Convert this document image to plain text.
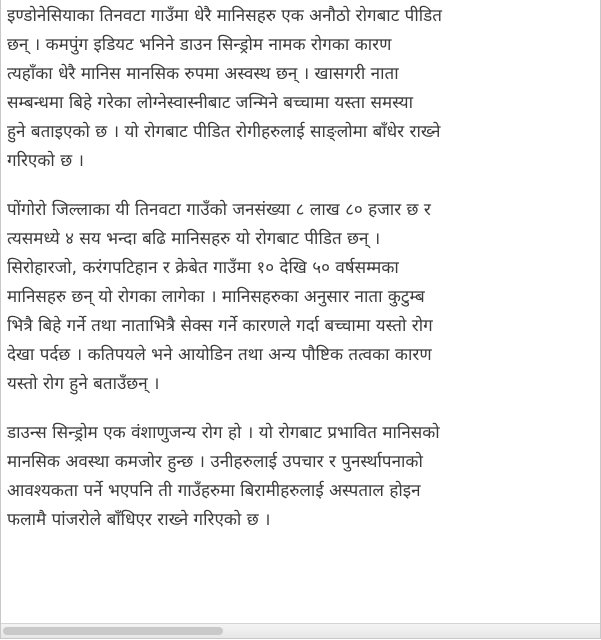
इण्डोनेसियाका तिनवटा गाउँमा धेरै मानिसहरु एक अनौठो रोगबाट पीडित
छन् । कमपुंग इडियट भनिने डाउन सिन्ड्रोम नामक रोगका कारण
त्यहाँका धेरै मानिस मानसिक रुपमा अस्वस्थ छन् । खासगरी नाता
सम्बन्धमा बिहे गरेका लोग्नेस्वास्नीबाट जन्मिने बच्चामा यस्ता समस्या
हुने बताइएको छ । यो रोगबाट पीडित रोगीहरुलाई साङ्लोमा बाँधेर राख्ने
गरिएको छ ।

पोंगोरो जिल्लाका यी तिनवटा गाउँको जनसंख्या ८ लाख ८० हजार छ र
त्यसमध्ये ४ सय भन्दा बढि मानिसहरु यो रोगबाट पीडित छन् ।
सिरोहारजो, करंगपटिहान र क्रेबेत गाउँमा १० देखि ५० वर्षसम्मका
मानिसहरु छन् यो रोगका लागेका । मानिसहरुका अनुसार नाता कुटुम्ब
भित्रै बिहे गर्ने तथा नाताभित्रै सेक्स गर्ने कारणले गर्दा बच्चामा यस्तो रोग
देखा पर्दछ । कतिपयले भने आयोडिन तथा अन्य पौष्टिक तत्वका कारण
यस्तो रोग हुने बताउँछन् ।

डाउन्स सिन्ड्रोम एक वंशाणुजन्य रोग हो । यो रोगबाट प्रभावित मानिसको
मानसिक अवस्था कमजोर हुन्छ । उनीहरुलाई उपचार र पुनर्स्थापनाको
आवश्यकता पर्ने भएपनि ती गाउँहरुमा बिरामीहरुलाई अस्पताल होइन
फलामै पांजरोले बाँधिएर राख्ने गरिएको छ ।
